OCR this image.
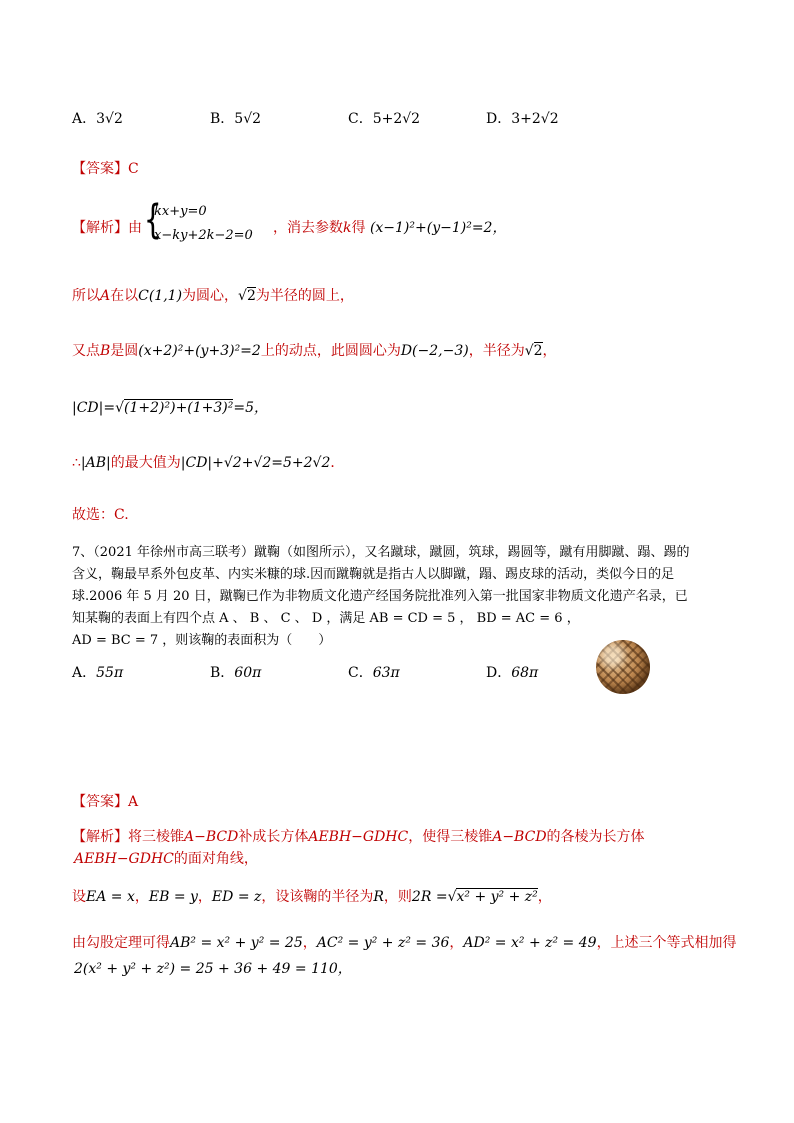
A．3√2	B．5√2	C．5+2√2	D．3+2√2
【答案】C
【解析】由 {
kx+y=0
x−ky+2k−2=0 ，消去参数k得 (x−1)²+(y−1)²=2，
所以A在以C(1,1)为圆心，√2为半径的圆上，
又点B是圆(x+2)²+(y+3)²=2上的动点，此圆圆心为D(−2,−3)，半径为√2，
|CD|=√(1+2)²)+(1+3)²=5，
∴|AB|的最大值为|CD|+√2+√2=5+2√2．
故选：C.
7、（2021 年徐州市高三联考）蹴鞠（如图所示），又名蹴球，蹴圆，筑球，踢圆等，蹴有用脚蹴、蹋、踢的
含义，鞠最早系外包皮革、内实米糠的球.因而蹴鞠就是指古人以脚蹴，蹋、踢皮球的活动，类似今日的足
球.2006 年 5 月 20 日，蹴鞠已作为非物质文化遗产经国务院批准列入第一批国家非物质文化遗产名录，已
知某鞠的表面上有四个点 A 、 B 、 C 、 D ，满足 AB = CD = 5 ， BD = AC = 6 ，
AD = BC = 7 ，则该鞠的表面积为（　　）
A．55π	B．60π	C．63π	D．68π
【答案】A
【解析】将三棱锥A−BCD补成长方体AEBH−GDHC，使得三棱锥A−BCD的各棱为长方体
AEBH−GDHC的面对角线，
设EA = x，EB = y，ED = z，设该鞠的半径为R，则2R =√x² + y² + z²，
由勾股定理可得AB² = x² + y² = 25，AC² = y² + z² = 36，AD² = x² + z² = 49，上述三个等式相加得
2(x² + y² + z²) = 25 + 36 + 49 = 110，
